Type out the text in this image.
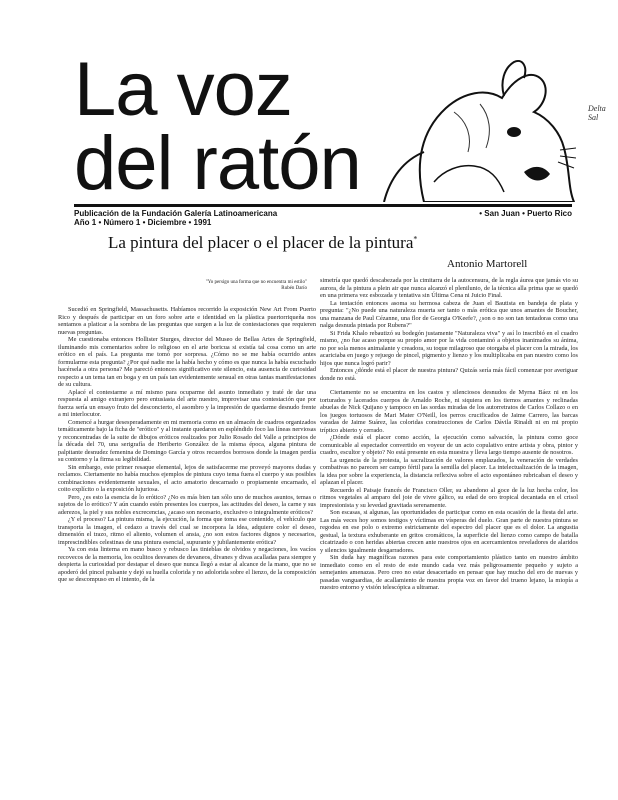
La voz
del ratón
Delta Sal
Publicación de la Fundación Galería Latinoamericana
Año 1 • Número 1 • Diciembre • 1991
• San Juan • Puerto Rico
La pintura del placer o el placer de la pintura*
Antonio Martorell
"Yo persigo una forma que no encuentra mi estilo"
Rubén Darío

Sucedió en Springfield, Massachusetts. Habíamos recorrido la exposición New Art From Puerto Rico y después de participar en un foro sobre arte e identidad en la plástica puertorriqueña nos sentamos a platicar a la sombra de las preguntas que surgen a la luz de contestaciones que requieren nuevas preguntas.

Me cuestionaba entonces Hollister Sturges, director del Museo de Bellas Artes de Springfield, iluminando mis comentarios sobre lo religioso en el arte boricua si existía tal cosa como un arte erótico en el país. La pregunta me tomó por sorpresa. ¿Cómo no se me había ocurrido antes formularme esta pregunta? ¿Por qué nadie me la había hecho y cómo es que nunca la había escuchado hacérsela a otra persona? Me pareció entonces significativo este silencio, esta ausencia de curiosidad respecto a un tema tan en boga y en un país tan evidentemente sensual en otras tantas manifestaciones de su cultura.

Aplacé el contestarme a mí mismo para ocuparme del asunto inmediato y traté de dar una respuesta al amigo extranjero pero entusiasta del arte nuestro, improvisar una contestación que por fuerza sería un ensayo fruto del desconcierto, el asombro y la impresión de quedarme desnudo frente a mi interlocutor.

Comencé a hurgar desesperadamente en mi memoria como en un almacén de cuadros organizados temáticamente bajo la ficha de "erótico" y al instante quedaron en espléndido foco las líneas nerviosas y reconcentradas de la suite de dibujos eróticos realizados por Julio Rosado del Valle a principios de la década del 70, una serigrafía de Heriberto González de la misma época, alguna pintura de palpitante desnudez femenina de Domingo García y otros recuerdos borrosos donde la imagen perdía su contorno y la firma su legibilidad.

Sin embargo, este primer resaque elemental, lejos de satisfacerme me proveyó mayores dudas y reclamos. Ciertamente no había muchos ejemplos de pintura cuyo tema fuera el cuerpo y sus posibles combinaciones evidentemente sexuales, el acto amatorio descarnado o propiamente encarnado, el coito explícito o la exposición lujuriosa.

Pero, ¿es esto la esencia de lo erótico? ¿No es más bien tan sólo uno de muchos asuntos, temas o sujetos de lo erótico? Y aún cuando estén presentes los cuerpos, las actitudes del deseo, la carne y sus aderezos, la piel y sus nobles excrecencias, ¿acaso son necesario, exclusivo o integralmente eróticos?

¿Y el proceso? La pintura misma, la ejecución, la forma que toma ese contenido, el vehículo que transporta la imagen, el cedazo a través del cual se incorpora la idea, adquiere color el deseo, dimensión el trazo, ritmo el aliento, volumen el ansia, ¿no son estos factores dignos y necesarios, imprescindibles celestinas de una pintura esencial, supurante y jubilantemente erótica?

Ya con esta linterna en mano busco y rebusco las tinieblas de olvidos y negaciones, los vacíos recovecos de la memoria, los oculitos desvanes de devaneos, divanes y divas acalladas para siempre y despierta la curiosidad por destapar el deseo que nunca llegó a estar al alcance de la mano, que no se apoderó del pincel pulsante y dejó su huella colorida y no adolorida sobre el lienzo, de la composición que se descompuso en el intento, de la

simetría que quedó descabezada por la cimitarra de la autocensura, de la regla áurea que jamás vio su aurora, de la pintura a plein air que nunca alcanzó el plenilunio, de la técnica alla prima que se quedó en una primera vez esbozada y tentativa sin Última Cena ni Juicio Final.

La tentación entonces asoma su hermosa cabeza de Juan el Bautista en bandeja de plata y pregunta: "¿No puede una naturaleza muerta ser tanto o más erótica que unos amantes de Boucher, una manzana de Paul Cézanne, una flor de Georgia O'Keefe?, ¿son o no son tan tentadoras como una nalga desnuda pintada por Rubens?"

Si Frida Khalo rebautizó su bodegón justamente "Naturaleza viva" y así lo inscribió en el cuadro mismo, ¿no fue acaso porque su propio amor por la vida contaminó a objetos inanimados su ánima, no por sola menos animalante y creadora, su toque milagroso que otorgaba el placer con la mirada, los acariciaba en juego y rejuego de pincel, pigmento y lienzo y los multiplicaba en pan nuestro como los hijos que nunca logró parir?

Entonces ¿dónde está el placer de nuestra pintura? Quizás sería más fácil comenzar por averiguar donde no está.

Ciertamente no se encuentra en los castos y silenciosos desnudos de Myrna Báez ni en los torturados y lacerados cuerpos de Arnaldo Roche, ni siquiera en los tiernos amantes y reclinadas abuelas de Nick Quijano y tampoco en las sordas miradas de los autorretratos de Carlos Collazo o en los juegos tortuosos de Mari Mater O'Neill, los perros crucificados de Jaime Carrero, las barcas varadas de Jaime Suárez, las coloridas construcciones de Carlos Dávila Rinaldi ni en mi propio tríptico abierto y cerrado.

¿Dónde está el placer como acción, la ejecución como salvación, la pintura como goce comunicable al espectador convertido en voyeur de un acto copulativo entre artista y obra, pintor y cuadro, escultor y objeto? No está presente en esta muestra y lleva largo tiempo ausente de nosotros.

La urgencia de la protesta, la sacralización de valores emplazados, la veneración de verdades combativas no parecen ser campo fértil para la semilla del placer. La intelectualización de la imagen, la idea por sobre la experiencia, la distancia reflexiva sobre el acto espontáneo rubricaban el deseo y aplazan el placer.

Recuerdo el Paisaje francés de Francisco Oller, su abandono al goce de la luz hecha color, los ritmos vegetales al amparo del joie de vivre gálico, su edad de oro tropical decantada en el crisol impresionista y su levedad gravitada serenamente.

Son escasas, si algunas, las oportunidades de participar como en esta ocasión de la fiesta del arte. Las más veces hoy somos testigos y víctimas en vísperas del duelo. Gran parte de nuestra pintura se regodea en ese polo o extremo estrictamente del espectro del placer que es el dolor. La angustia gestual, la textura exhuberante en gritos cromáticos, la superficie del lienzo como campo de batalla cicatrizado o con heridas abiertas crecen ante nuestros ojos en acercamientos reveladores de alaridos y silencios igualmente desgarradores.

Sin duda hay magníficas razones para este comportamiento plástico tanto en nuestro ámbito inmediato como en el resto de este mundo cada vez más peligrosamente pequeño y sujeto a semejantes amenazas. Pero creo no estar desacertado en pensar que hay mucho del ero de nuevas y pasadas vanguardias, de acallamiento de nuestra propia voz en favor del trueno lejano, la miopía a nuestro entorno y visión telescópica a ultramar.
